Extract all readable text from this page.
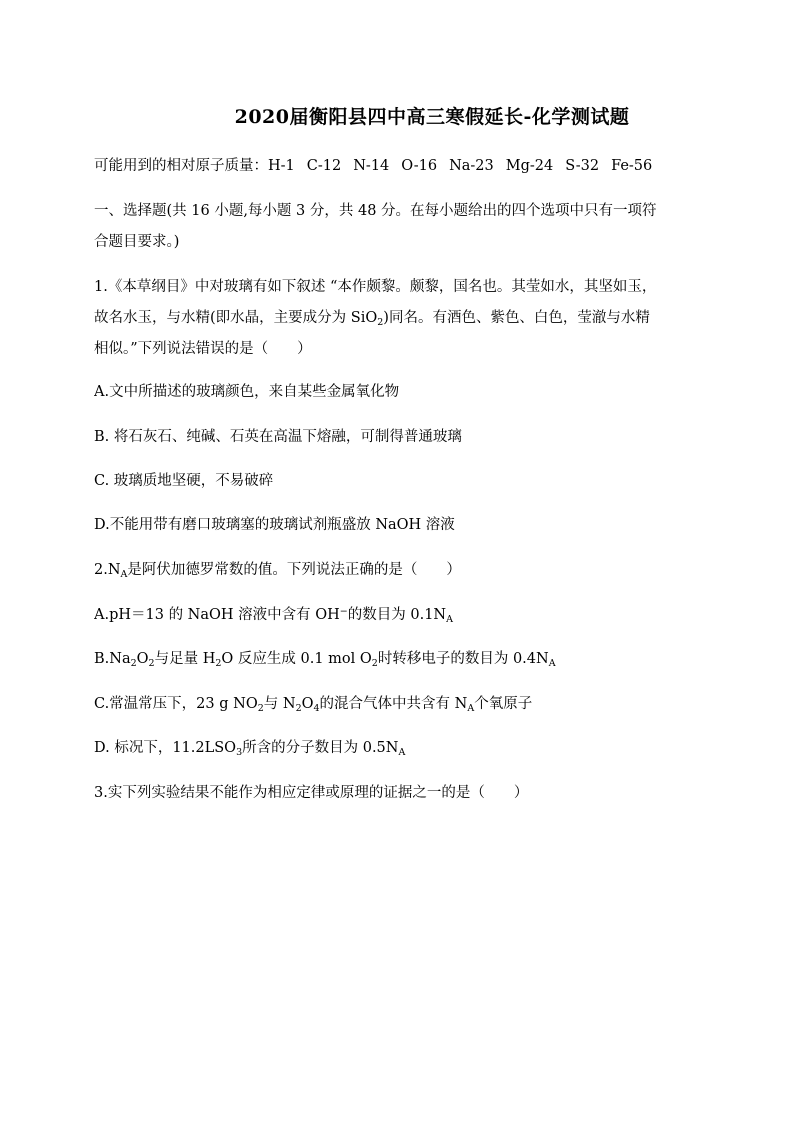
2020届衡阳县四中高三寒假延长-化学测试题
可能用到的相对原子质量：H-1 C-12 N-14 O-16 Na-23 Mg-24 S-32 Fe-56
一、选择题(共 16 小题,每小题 3 分，共 48 分。在每小题给出的四个选项中只有一项符
合题目要求。)
1.《本草纲目》中对玻璃有如下叙述 “本作颇黎。颇黎，国名也。其莹如水，其坚如玉，
故名水玉，与水精(即水晶，主要成分为 SiO$_2$)同名。有酒色、紫色、白色，莹澈与水精
相似。”下列说法错误的是（　　）
A.文中所描述的玻璃颜色，来自某些金属氧化物
B. 将石灰石、纯碱、石英在高温下熔融，可制得普通玻璃
C. 玻璃质地坚硬，不易破碎
D.不能用带有磨口玻璃塞的玻璃试剂瓶盛放 NaOH 溶液
$2.N_A$是阿伏加德罗常数的值。下列说法正确的是（　　）
A.pH＝13 的 NaOH 溶液中含有 OH−的数目为 $0.1N_A$
$B.Na_2O_2$与足量 $H_2O$ 反应生成 0.1 mol $O_2$时转移电子的数目为 $0.4N_A$
C.常温常压下，23 g $NO_2$与 $N_2O_4$的混合气体中共含有 $N_A$个氧原子
D. 标况下，$11.2LSO_3$所含的分子数目为 $0.5N_A$
3.实下列实验结果不能作为相应定律或原理的证据之一的是（　　）
